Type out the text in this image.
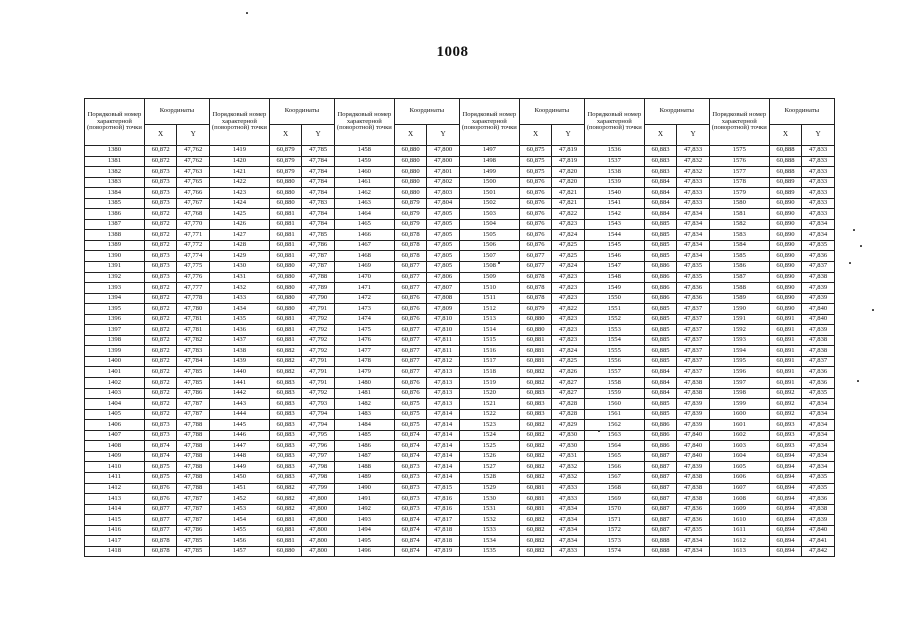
1008
Порядковый номер характерной (поворотной) точки	Координаты		Порядковый номер характерной (поворотной) точки	Координаты		Порядковый номер характерной (поворотной) точки	Координаты		Порядковый номер характерной (поворотной) точки	Координаты		Порядковый номер характерной (поворотной) точки	Координаты		Порядковый номер характерной (поворотной) точки	Координаты	
	X	Y		X	Y		X	Y		X	Y		X	Y		X	Y
1380	60,872	47,762	1419	60,879	47,785	1458	60,880	47,800	1497	60,875	47,819	1536	60,883	47,833	1575	60,888	47,833
1381	60,872	47,762	1420	60,879	47,784	1459	60,880	47,800	1498	60,875	47,819	1537	60,883	47,832	1576	60,888	47,833
1382	60,873	47,763	1421	60,879	47,784	1460	60,880	47,801	1499	60,875	47,820	1538	60,883	47,832	1577	60,888	47,833
1383	60,873	47,765	1422	60,880	47,784	1461	60,880	47,802	1500	60,876	47,820	1539	60,884	47,833	1578	60,889	47,833
1384	60,873	47,766	1423	60,880	47,784	1462	60,880	47,803	1501	60,876	47,821	1540	60,884	47,833	1579	60,889	47,833
1385	60,873	47,767	1424	60,880	47,783	1463	60,879	47,804	1502	60,876	47,821	1541	60,884	47,833	1580	60,890	47,833
1386	60,872	47,768	1425	60,881	47,784	1464	60,879	47,805	1503	60,876	47,822	1542	60,884	47,834	1581	60,890	47,833
1387	60,872	47,770	1426	60,881	47,784	1465	60,879	47,805	1504	60,876	47,823	1543	60,885	47,834	1582	60,890	47,834
1388	60,872	47,771	1427	60,881	47,785	1466	60,878	47,805	1505	60,876	47,824	1544	60,885	47,834	1583	60,890	47,834
1389	60,872	47,772	1428	60,881	47,786	1467	60,878	47,805	1506	60,876	47,825	1545	60,885	47,834	1584	60,890	47,835
1390	60,873	47,774	1429	60,881	47,787	1468	60,878	47,805	1507	60,877	47,825	1546	60,885	47,834	1585	60,890	47,836
1391	60,873	47,775	1430	60,880	47,787	1469	60,877	47,805	1508	60,877	47,824	1547	60,886	47,835	1586	60,890	47,837
1392	60,873	47,776	1431	60,880	47,788	1470	60,877	47,806	1509	60,878	47,823	1548	60,886	47,835	1587	60,890	47,838
1393	60,872	47,777	1432	60,880	47,789	1471	60,877	47,807	1510	60,878	47,823	1549	60,886	47,836	1588	60,890	47,839
1394	60,872	47,778	1433	60,880	47,790	1472	60,876	47,808	1511	60,878	47,823	1550	60,886	47,836	1589	60,890	47,839
1395	60,872	47,780	1434	60,880	47,791	1473	60,876	47,809	1512	60,879	47,822	1551	60,885	47,837	1590	60,890	47,840
1396	60,872	47,781	1435	60,881	47,792	1474	60,876	47,810	1513	60,880	47,823	1552	60,885	47,837	1591	60,891	47,840
1397	60,872	47,781	1436	60,881	47,792	1475	60,877	47,810	1514	60,880	47,823	1553	60,885	47,837	1592	60,891	47,839
1398	60,872	47,782	1437	60,881	47,792	1476	60,877	47,811	1515	60,881	47,823	1554	60,885	47,837	1593	60,891	47,838
1399	60,872	47,783	1438	60,882	47,792	1477	60,877	47,811	1516	60,881	47,824	1555	60,885	47,837	1594	60,891	47,838
1400	60,872	47,784	1439	60,882	47,791	1478	60,877	47,812	1517	60,881	47,825	1556	60,885	47,837	1595	60,891	47,837
1401	60,872	47,785	1440	60,882	47,791	1479	60,877	47,813	1518	60,882	47,826	1557	60,884	47,837	1596	60,891	47,836
1402	60,872	47,785	1441	60,883	47,791	1480	60,876	47,813	1519	60,882	47,827	1558	60,884	47,838	1597	60,891	47,836
1403	60,872	47,786	1442	60,883	47,792	1481	60,876	47,813	1520	60,883	47,827	1559	60,884	47,838	1598	60,892	47,835
1404	60,872	47,787	1443	60,883	47,793	1482	60,875	47,813	1521	60,883	47,828	1560	60,885	47,839	1599	60,892	47,834
1405	60,872	47,787	1444	60,883	47,794	1483	60,875	47,814	1522	60,883	47,828	1561	60,885	47,839	1600	60,892	47,834
1406	60,873	47,788	1445	60,883	47,794	1484	60,875	47,814	1523	60,882	47,829	1562	60,886	47,839	1601	60,893	47,834
1407	60,873	47,788	1446	60,883	47,795	1485	60,874	47,814	1524	60,882	47,830	1563	60,886	47,840	1602	60,893	47,834
1408	60,874	47,788	1447	60,883	47,796	1486	60,874	47,814	1525	60,882	47,830	1564	60,886	47,840	1603	60,893	47,834
1409	60,874	47,788	1448	60,883	47,797	1487	60,874	47,814	1526	60,882	47,831	1565	60,887	47,840	1604	60,894	47,834
1410	60,875	47,788	1449	60,883	47,798	1488	60,873	47,814	1527	60,882	47,832	1566	60,887	47,839	1605	60,894	47,834
1411	60,875	47,788	1450	60,883	47,798	1489	60,873	47,814	1528	60,882	47,832	1567	60,887	47,838	1606	60,894	47,835
1412	60,876	47,788	1451	60,882	47,799	1490	60,873	47,815	1529	60,881	47,833	1568	60,887	47,838	1607	60,894	47,835
1413	60,876	47,787	1452	60,882	47,800	1491	60,873	47,816	1530	60,881	47,833	1569	60,887	47,838	1608	60,894	47,836
1414	60,877	47,787	1453	60,882	47,800	1492	60,873	47,816	1531	60,881	47,834	1570	60,887	47,836	1609	60,894	47,838
1415	60,877	47,787	1454	60,881	47,800	1493	60,874	47,817	1532	60,882	47,834	1571	60,887	47,836	1610	60,894	47,839
1416	60,877	47,786	1455	60,881	47,800	1494	60,874	47,818	1533	60,882	47,834	1572	60,887	47,835	1611	60,894	47,840
1417	60,878	47,785	1456	60,881	47,800	1495	60,874	47,818	1534	60,882	47,834	1573	60,888	47,834	1612	60,894	47,841
1418	60,878	47,785	1457	60,880	47,800	1496	60,874	47,819	1535	60,882	47,833	1574	60,888	47,834	1613	60,894	47,842
